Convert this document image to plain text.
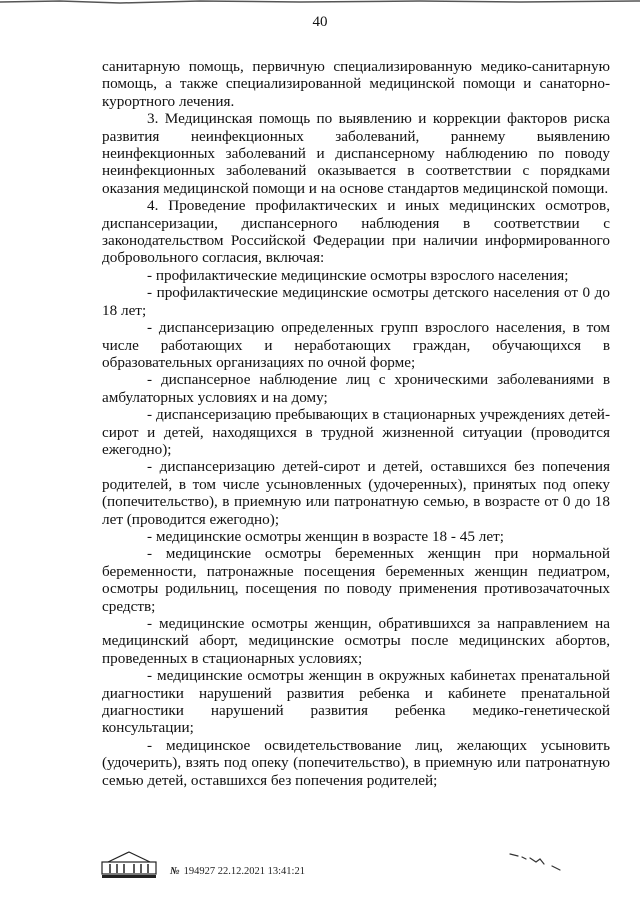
40

санитарную помощь, первичную специализированную медико-санитарную помощь, а также специализированной медицинской помощи и санаторно-курортного лечения.

3. Медицинская помощь по выявлению и коррекции факторов риска развития неинфекционных заболеваний, раннему выявлению неинфекционных заболеваний и диспансерному наблюдению по поводу неинфекционных заболеваний оказывается в соответствии с порядками оказания медицинской помощи и на основе стандартов медицинской помощи.

4. Проведение профилактических и иных медицинских осмотров, диспансеризации, диспансерного наблюдения в соответствии с законодательством Российской Федерации при наличии информированного добровольного согласия, включая:

- профилактические медицинские осмотры взрослого населения;

- профилактические медицинские осмотры детского населения от 0 до 18 лет;

- диспансеризацию определенных групп взрослого населения, в том числе работающих и неработающих граждан, обучающихся в образовательных организациях по очной форме;

- диспансерное наблюдение лиц с хроническими заболеваниями в амбулаторных условиях и на дому;

- диспансеризацию пребывающих в стационарных учреждениях детей-сирот и детей, находящихся в трудной жизненной ситуации (проводится ежегодно);

- диспансеризацию детей-сирот и детей, оставшихся без попечения родителей, в том числе усыновленных (удочеренных), принятых под опеку (попечительство), в приемную или патронатную семью, в возрасте от 0 до 18 лет (проводится ежегодно);

- медицинские осмотры женщин в возрасте 18 - 45 лет;

- медицинские осмотры беременных женщин при нормальной беременности, патронажные посещения беременных женщин педиатром, осмотры родильниц, посещения по поводу применения противозачаточных средств;

- медицинские осмотры женщин, обратившихся за направлением на медицинский аборт, медицинские осмотры после медицинских абортов, проведенных в стационарных условиях;

- медицинские осмотры женщин в окружных кабинетах пренатальной диагностики нарушений развития ребенка и кабинете пренатальной диагностики нарушений развития ребенка медико-генетической консультации;

- медицинское освидетельствование лиц, желающих усыновить (удочерить), взять под опеку (попечительство), в приемную или патронатную семью детей, оставшихся без попечения родителей;

№ 194927 22.12.2021 13:41:21
